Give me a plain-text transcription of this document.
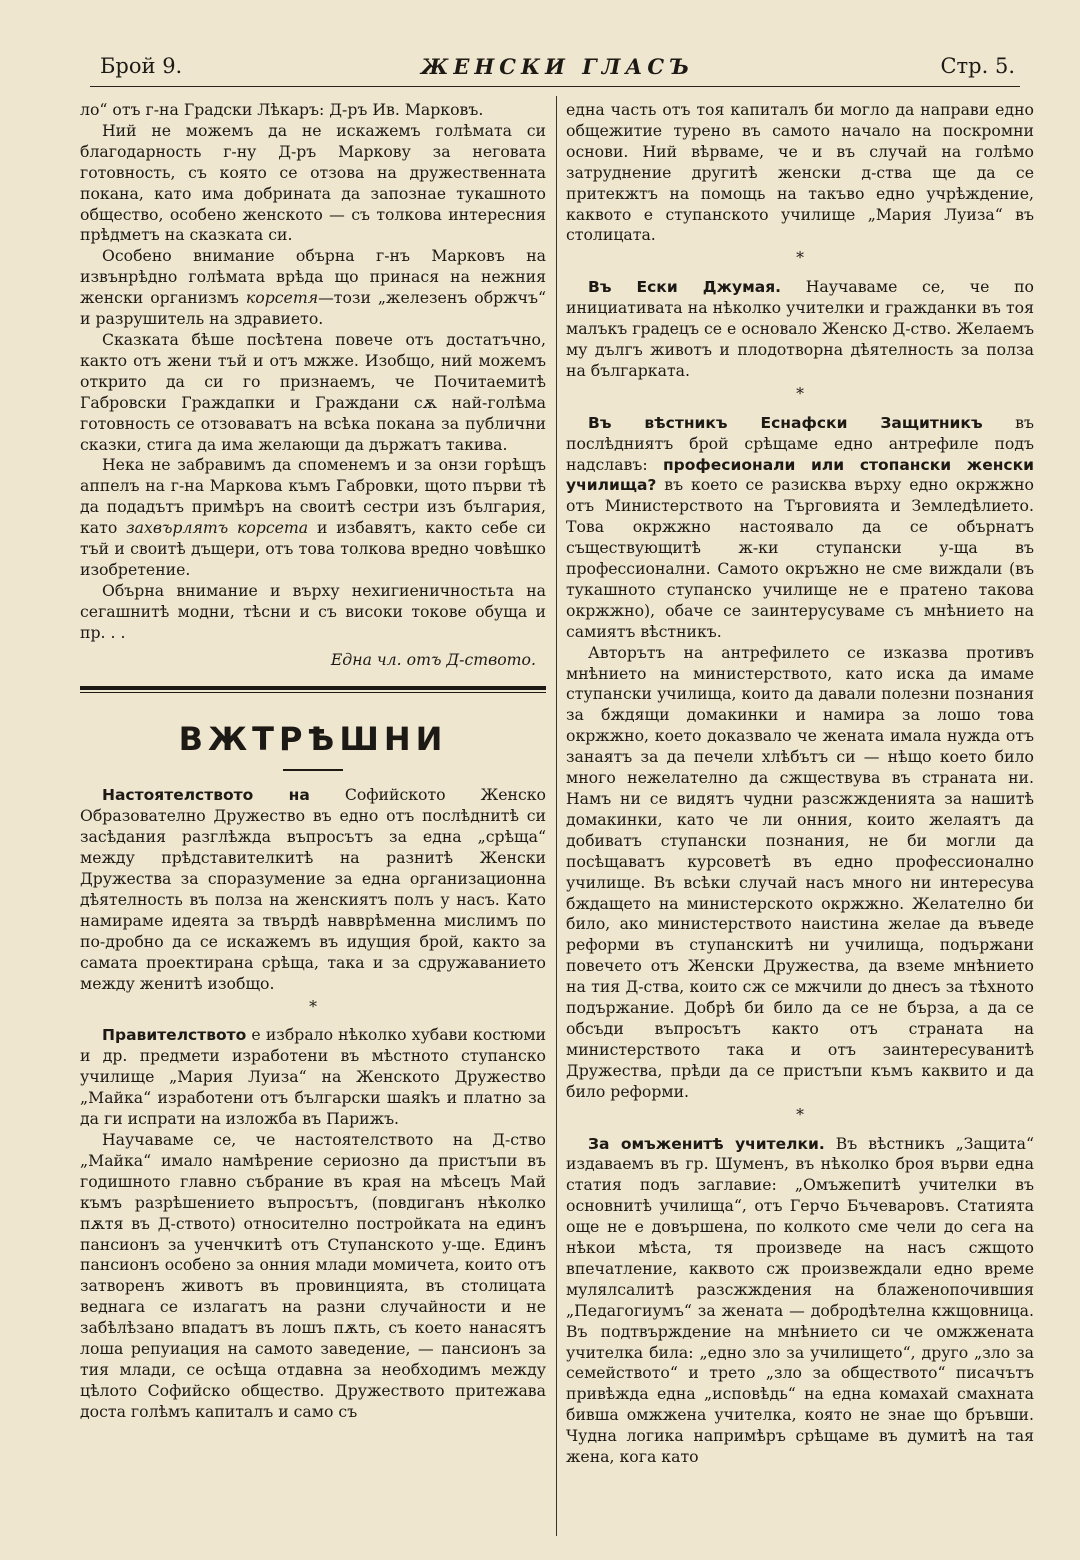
Брой 9.	ЖЕНСКИ ГЛАСЪ	Стр. 5.

ло“ отъ г-на Градски Лѣкаръ: Д-ръ Ив. Марковъ.

Ний не можемъ да не искажемъ голѣмата си благодарность г-ну Д-ръ Маркову за неговата готовность, съ която се отзова на дружественната покана, като има добрината да запознае тукашното общество, особено женското — съ толкова интересния прѣдметъ на сказката си.

Особено внимание обърна г-нъ Марковъ на извънрѣдно голѣмата врѣда що принася на нежния женски организмъ корсетя—този „железенъ обржчъ“ и разрушитель на здравието.

Сказката бѣше посѣтена повече отъ достатъчно, както отъ жени тъй и отъ мжже. Изобщо, ний можемъ открито да си го признаемъ, че Почитаемитѣ Габровски Граждапки и Граждани сѫ най-голѣма готовность се отзоваватъ на всѣка покана за публични сказки, стига да има желающи да държатъ такива.

Нека не забравимъ да споменемъ и за онзи горѣщъ аппелъ на г-на Маркова къмъ Габровки, щото първи тѣ да подадътъ примѣръ на своитѣ сестри изъ българия, като захвърлятъ корсета и избавятъ, както себе си тъй и своитѣ дъщери, отъ това толкова вредно човѣшко изобретение.

Обърна внимание и върху нехигиеничностьта на сегашнитѣ модни, тѣсни и съ високи токове обуща и пр. . .

Една чл. отъ Д-ството.

ВЖТРѢШНИ

Настоятелството на Софийското Женско Образователно Дружество въ едно отъ послѣднитѣ си засѣдания разглѣжда въпросътъ за една „срѣща“ между прѣдставителкитѣ на разнитѣ Женски Дружества за споразумение за една организационна дѣятелность въ полза на женскиятъ полъ у насъ. Като намираме идеята за твърдѣ навврѣменна мислимъ по по-дробно да се искажемъ въ идущия брой, както за самата проектирана срѣща, така и за сдружаванието между женитѣ изобщо.

*

Правителството е избрало нѣколко хубави костюми и др. предмети изработени въ мѣстното ступанско училище „Мария Луиза“ на Женското Дружество „Майка“ изработени отъ български шаяkъ и платно за да ги испрати на изложба въ Парижъ.

Научаваме се, че настоятелството на Д-ство „Майка“ имало намѣрение сериозно да пристъпи въ годишното главно събрание въ края на мѣсецъ Май къмъ разрѣшението въпросътъ, (повдиганъ нѣколко пѫтя въ Д-ството) относително постройката на единъ пансионъ за ученчкитѣ отъ Ступанското у-ще. Единъ пансионъ особено за онния млади момичета, които отъ затворенъ животъ въ провинцията, въ столицата веднага се излагатъ на разни случайности и не забѣлѣзано впадатъ въ лошъ пѫть, съ което нанасятъ лоша репуиация на самото заведение, — пансионъ за тия млади, се осѣща отдавна за необходимъ между цѣлото Софийско общество. Дружеството притежава доста голѣмъ капиталъ и само съ

една часть отъ тоя капиталъ би могло да направи едно общежитие турено въ самото начало на поскромни основи. Ний вѣрваме, че и въ случай на голѣмо затруднение другитѣ женски д-ства ще да се притекжтъ на помощь на такъво едно учрѣждение, каквото е ступанското училище „Мария Луиза“ въ столицата.

*

Въ Ески Джумая. Научаваме се, че по инициативата на нѣколко учителки и гражданки въ тоя малъкъ градецъ се е основало Женско Д-ство. Желаемъ му дългъ животъ и плодотворна дѣятелность за полза на българката.

*

Въ вѣстникъ Еснафски Защитникъ въ послѣдниятъ брой срѣщаме едно антрефиле подъ надславъ: професионали или стопански женски училища? въ което се разисква върху едно окржжно отъ Министерството на Търговията и Земледѣлието. Това окржжно настоявало да се обърнатъ съществующитѣ ж-ки ступански у-ща въ профессионални. Самото окръжно не сме виждали (въ тукашното ступанско училище не е пратено такова окржжно), обаче се заинтерусуваме съ мнѣнието на самиятъ вѣстникъ.

Авторътъ на антрефилето се изказва противъ мнѣнието на министерството, като иска да имаме ступански училища, които да давали полезни познания за бждящи домакинки и намира за лошо това окржжно, което доказвало че жената имала нужда отъ занаятъ за да печели хлѣбътъ си — нѣщо което било много нежелателно да сжществува въ страната ни. Намъ ни се видятъ чудни разсжжденията за нашитѣ домакинки, като че ли онния, които желаятъ да добиватъ ступански познания, не би могли да посѣщаватъ курсоветѣ въ едно профессионално училище. Въ всѣки случай насъ много ни интересува бждащето на министерското окржжно. Желателно би било, ако министерството наистина желае да въведе реформи въ ступанскитѣ ни училища, подържани повечето отъ Женски Дружества, да вземе мнѣнието на тия Д-ства, които сж се мжчили до днесъ за тѣхното подържание. Добрѣ би било да се не бърза, а да се обсъди въпросътъ както отъ страната на министерството така и отъ заинтересуванитѣ Дружества, прѣди да се пристъпи къмъ каквито и да било реформи.

*

За омъженитѣ учителки. Въ вѣстникъ „Защита“ издаваемъ въ гр. Шуменъ, въ нѣколко броя върви една статия подъ заглавие: „Омъжепитѣ учителки въ основнитѣ училища“, отъ Герчо Бъчеваровъ. Статията още не е довършена, по колкото сме чели до сега на нѣкои мѣста, тя произведе на насъ сжщото впечатление, каквото сж произвеждали едно време мулялсалитѣ разсжждения на блаженопочившия „Педагогиумъ“ за жената — добродѣтелна кжщовница. Въ подтвърждение на мнѣнието си че омжжената учителка била: „едно зло за училището“, друго „зло за семейството“ и трето „зло за обществото“ писачътъ привѣжда една „исповѣдь“ на една комахай смахната бивша омжжена учителка, която не знае що бръвши. Чудна логика напримѣръ срѣщаме въ думитѣ на тая жена, кога като
